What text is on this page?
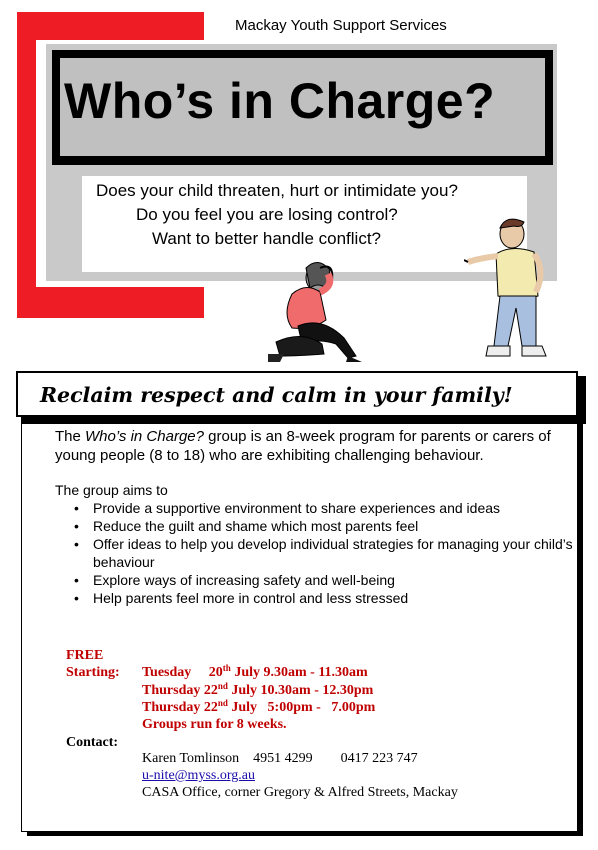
Mackay Youth Support Services
Who’s in Charge?
Does your child threaten, hurt or intimidate you?
Do you feel you are losing control?
Want to better handle conflict?
Reclaim respect and calm in your family!
The Who’s in Charge? group is an 8-week program for parents or carers of young people (8 to 18) who are exhibiting challenging behaviour.
The group aims to
• Provide a supportive environment to share experiences and ideas
• Reduce the guilt and shame which most parents feel
• Offer ideas to help you develop individual strategies for managing your child’s behaviour
• Explore ways of increasing safety and well-being
• Help parents feel more in control and less stressed
FREE
Starting: Tuesday 20th July 9.30am - 11.30am
Thursday 22nd July 10.30am - 12.30pm
Thursday 22nd July   5:00pm -   7.00pm
Groups run for 8 weeks.
Contact:
Karen Tomlinson 4951 4299 0417 223 747
u-nite@myss.org.au
CASA Office, corner Gregory & Alfred Streets, Mackay
